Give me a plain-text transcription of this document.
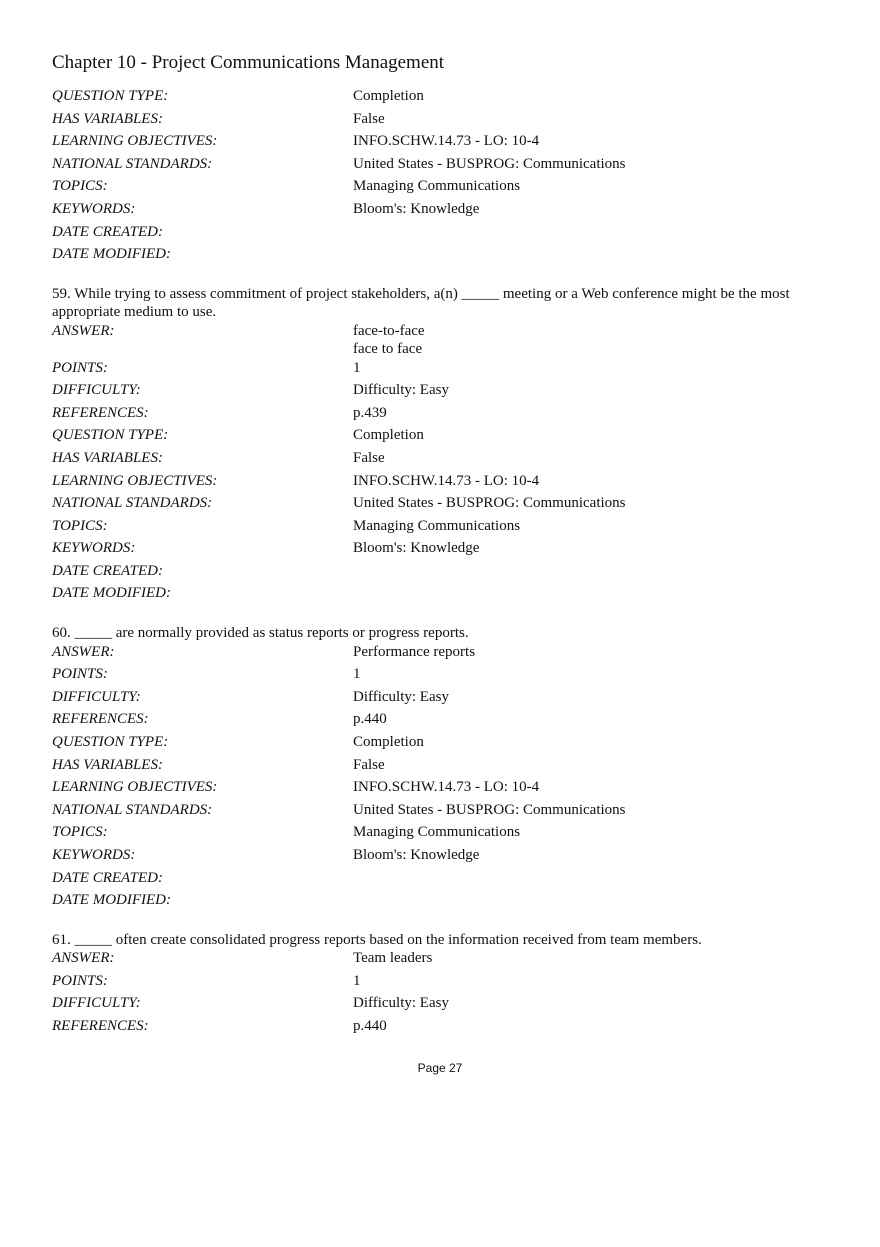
Chapter 10 - Project Communications Management
QUESTION TYPE:	Completion
HAS VARIABLES:	False
LEARNING OBJECTIVES:	INFO.SCHW.14.73 - LO: 10-4
NATIONAL STANDARDS:	United States - BUSPROG: Communications
TOPICS:	Managing Communications
KEYWORDS:	Bloom's: Knowledge
DATE CREATED:
DATE MODIFIED:
59. While trying to assess commitment of project stakeholders, a(n) _____ meeting or a Web conference might be the most appropriate medium to use.
ANSWER:	face-to-face
face to face
POINTS:	1
DIFFICULTY:	Difficulty: Easy
REFERENCES:	p.439
QUESTION TYPE:	Completion
HAS VARIABLES:	False
LEARNING OBJECTIVES:	INFO.SCHW.14.73 - LO: 10-4
NATIONAL STANDARDS:	United States - BUSPROG: Communications
TOPICS:	Managing Communications
KEYWORDS:	Bloom's: Knowledge
DATE CREATED:
DATE MODIFIED:
60. _____ are normally provided as status reports or progress reports.
ANSWER:	Performance reports
POINTS:	1
DIFFICULTY:	Difficulty: Easy
REFERENCES:	p.440
QUESTION TYPE:	Completion
HAS VARIABLES:	False
LEARNING OBJECTIVES:	INFO.SCHW.14.73 - LO: 10-4
NATIONAL STANDARDS:	United States - BUSPROG: Communications
TOPICS:	Managing Communications
KEYWORDS:	Bloom's: Knowledge
DATE CREATED:
DATE MODIFIED:
61. _____ often create consolidated progress reports based on the information received from team members.
ANSWER:	Team leaders
POINTS:	1
DIFFICULTY:	Difficulty: Easy
REFERENCES:	p.440
Page 27
